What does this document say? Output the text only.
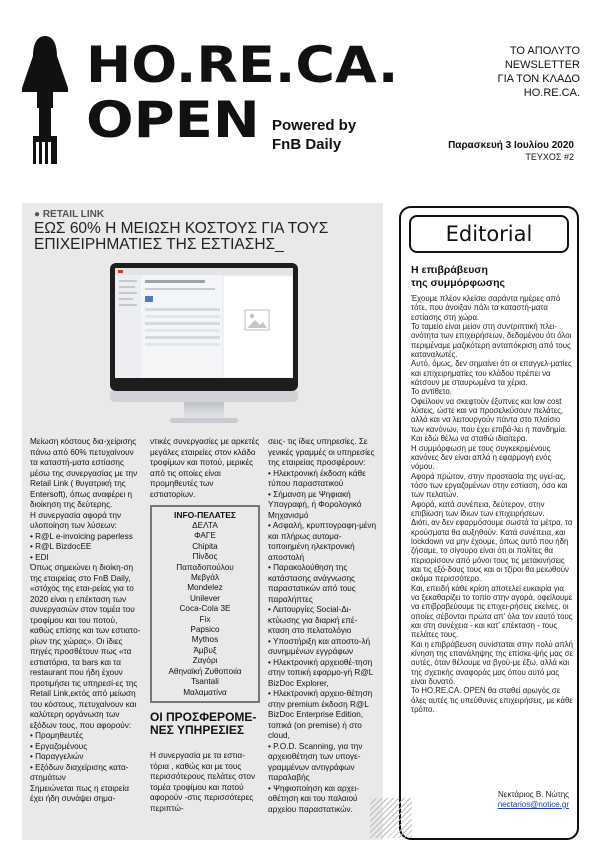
HO.RE.CA.
OPEN Powered by
FnB Daily
ΤΟ ΑΠΟΛΥΤΟ
NEWSLETTER
ΓΙΑ ΤΟΝ ΚΛΑΔΟ
HO.RE.CA.
Παρασκευή 3 Ιουλίου 2020
ΤΕΥΧΟΣ #2
● RETAIL LINK
ΕΩΣ 60% Η ΜΕΙΩΣΗ ΚΟΣΤΟΥΣ ΓΙΑ ΤΟΥΣ
ΕΠΙΧΕΙΡΗΜΑΤΙΕΣ ΤΗΣ ΕΣΤΙΑΣΗΣ_

Μείωση κόστους δια-χείρισης πάνω από 60% πετυχαίνουν τα καταστή-ματα εστίασης μέσω της συνεργασίας με την Retail Link ( θυγατρική της Entersoft), όπως αναφέρει η διοίκηση της δεύτερης.

Η συνεργασία αφορά την υλοποίηση των λύσεων:

• R@L e-invoicing paperless

• R@L BizdocEE

• EDI

Όπως σημειώνει η διοίκη-ση της εταιρείας στο FnB Daily, «στόχος της εται-ρείας για το 2020 είναι η επέκταση των συνεργασιών στον τομέα του τροφίμου και του ποτού, καθώς επίσης και των εστιατο-ρίων της χώρας». Οι ίδιες πηγές προσθέτουν πως «τα εστιατόρια, τα bars και τα restaurant που ήδη έχουν προτιμήσει τις υπηρεσί-ες της Retail Link,εκτός από μείωση του κόστους, πετυχαίνουν και καλύτερη οργάνωση των εξόδων τους, που αφορούν:

• Προμηθευτές

• Εργαζομένους

• Παραγγελιών

• Εξόδων διαχείρισης κατα-στημάτων

Σημειώνεται πως η εταιρεία έχει ήδη συνάψει σημα-

ντικές συνεργασίες με αρκετές μεγάλες εταιρείες στον κλάδο τροφίμων και ποτού, μερικές από τις οποίες είναι προμηθευτές των εστιατορίων.

INFO-ΠΕΛΑΤΕΣ
ΔΕΛΤΑ
ΦΑΓΕ
Chipita
Πίνδος
Παπαδοπούλου
Μεβγάλ
Mondelez
Unilever
Coca-Cola 3E
Fix
Papsico
Mythos
Άμβυξ
Ζαγόρι
Αθηναϊκή Ζυθοποιία
Tsantali
Μαλαματίνα
ΟΙ ΠΡΟΣΦΕΡΟΜΕ-ΝΕΣ ΥΠΗΡΕΣΙΕΣ
Η συνεργασία με τα εστια-τόρια , καθώς και με τους περισσότερους πελάτες στον τομέα τροφίμου και ποτού αφορούν -στις περισσότερες περιπτώ-

σεις- τις ίδιες υπηρεσίες. Σε γενικές γραμμές οι υπηρεσίες της εταιρείας προσφέρουν:

• Ηλεκτρονική έκδοση κάθε τύπου παραστατικού

• Σήμανση με Ψηφιακή Υπογραφή, ή Φορολογικό Μηχανισμό

• Ασφαλή, κρυπτογραφη-μένη και πλήρως αυτομα-τοποιημένη ηλεκτρονική αποστολή

• Παρακολούθηση της κατάστασης ανάγνωσης παραστατικών από τους παραλήπτες

• Λειτουργίες Social-Δι-κτύωσης για διαρκή επέ-κταση στο πελατολόγιο

• Υποστήριξη και αποστο-λή συνημμένων εγγράφων

• Ηλεκτρονική αρχειοθέ-τηση στην τοπική εφαρμο-γή R@L BizDoc Explorer,

• Ηλεκτρονική αρχειο-θέτηση στην premium έκδοση R@L BizDoc Enterprise Edition, τοπικά (on premise) ή στο cloud,

• P.O.D. Scanning, για την αρχειοθέτηση των υπογε-γραμμένων αντιγράφων παραλαβής

• Ψηφιοποίηση και αρχει-οθέτηση και του παλαιού αρχείου παραστατικών.

Editorial
Η επιβράβευση
της συμμόρφωσης

Έχουμε πλέον κλείσει σαράντα ημέρες από τότε, που άνοιξαν πάλι τα καταστή-ματα εστίασης στη χώρα.

Το ταμείο είναι μείον στη συντριπτική πλει-ονότητα των επιχειρήσεων, δεδομένου ότι όλοι περιμέναμε μαζικότερη ανταπόκριση από τους καταναλωτές.

Αυτό, όμως, δεν σημαίνει ότι οι επαγγελ-ματίες και επιχειρηματίες του κλάδου πρέπει να κάτσουν με σταυρωμένα τα χέρια.

Το αντίθετο.

Οφείλουν να σκεφτούν έξυπνες και low cost λύσεις, ώστε και να προσελκύσουν πελάτες, αλλά και να λειτουργούν πάντα στο πλαίσιο των κανόνων, που έχει επιβά-λει η πανδημία.

Και εδώ θέλω να σταθώ ιδιαίτερα.

Η συμμόρφωση με τους συγκεκριμένους κανόνες δεν είναι απλά η εφαρμογή ενός νόμου.

Αφορά πρώτον, στην προστασία της υγεί-ας, τόσο των εργαζομένων στην εστίαση, όσο και των πελατών.

Αφορά, κατά συνέπεια, δεύτερον, στην επιβίωση των ίδιων των επιχειρήσεων.

Διότι, αν δεν εφαρμόσουμε σωστά τα μέτρα, τα κρούσματα θα αυξηθούν. Κατά συνέπεια, και lockdown να μην έχουμε, όπως αυτό που ήδη ζήσαμε, το σίγουρο είναι ότι οι πολίτες θα περιορίσουν από μόνοι τους τις μετακινήσεις και τις εξό-δους τους και οι τζίροι θα μειωθούν ακόμα περισσότερο.

Και, επειδή κάθε κρίση αποτελεί ευκαιρία για να ξεκαθαρίζει το τοπίο στην αγορά, οφείλουμε να επιβραβεύουμε τις επιχει-ρήσεις εκείνες, οι οποίες σέβονται πρώτα απ' όλα τον εαυτό τους και στη συνέχεια - και κατ' επέκταση - τους πελάτες τους.

Και η επιβράβευση συνίσταται στην πολύ απλή κίνηση της επανάληψης της επίσκε-ψής μας σε αυτές, όταν θέλουμε να βγού-με έξω, αλλά και της σχετικής αναφοράς μας όπου αυτό μας είναι δυνατό.

Το HO.RE.CA. OPEN θα σταθεί αρωγός σε όλες αυτές τις υπεύθυνες επιχειρήσεις, με κάθε τρόπο.

Νεκτάριος Β. Νώτης
nectarios@notice.gr
